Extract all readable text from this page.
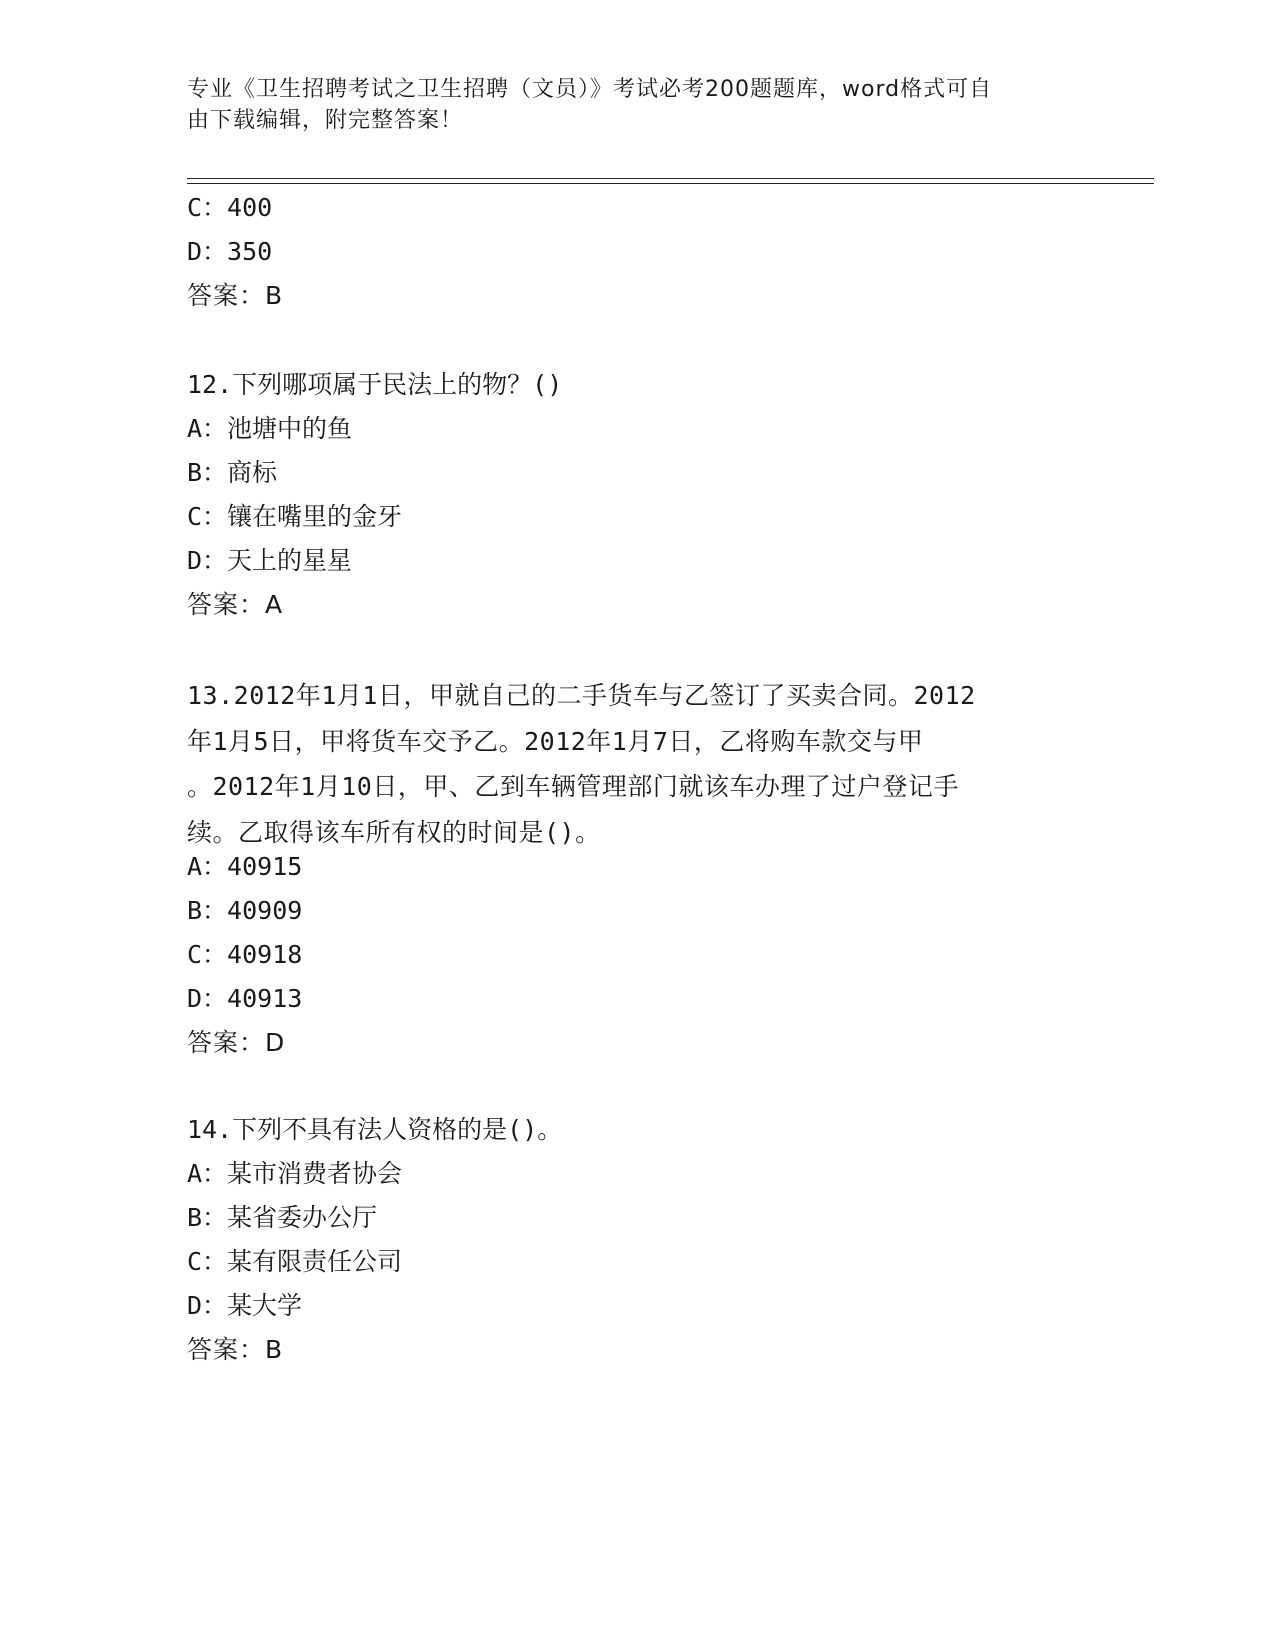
专业《卫生招聘考试之卫生招聘（文员）》考试必考200题题库，word格式可自
由下载编辑，附完整答案！
C：400
D：350
答案：B
12.下列哪项属于民法上的物？()
A：池塘中的鱼
B：商标
C：镶在嘴里的金牙
D：天上的星星
答案：A
13.2012年1月1日，甲就自己的二手货车与乙签订了买卖合同。2012
年1月5日，甲将货车交予乙。2012年1月7日，乙将购车款交与甲
。2012年1月10日，甲、乙到车辆管理部门就该车办理了过户登记手
续。乙取得该车所有权的时间是()。
A：40915
B：40909
C：40918
D：40913
答案：D
14.下列不具有法人资格的是()。
A：某市消费者协会
B：某省委办公厅
C：某有限责任公司
D：某大学
答案：B
